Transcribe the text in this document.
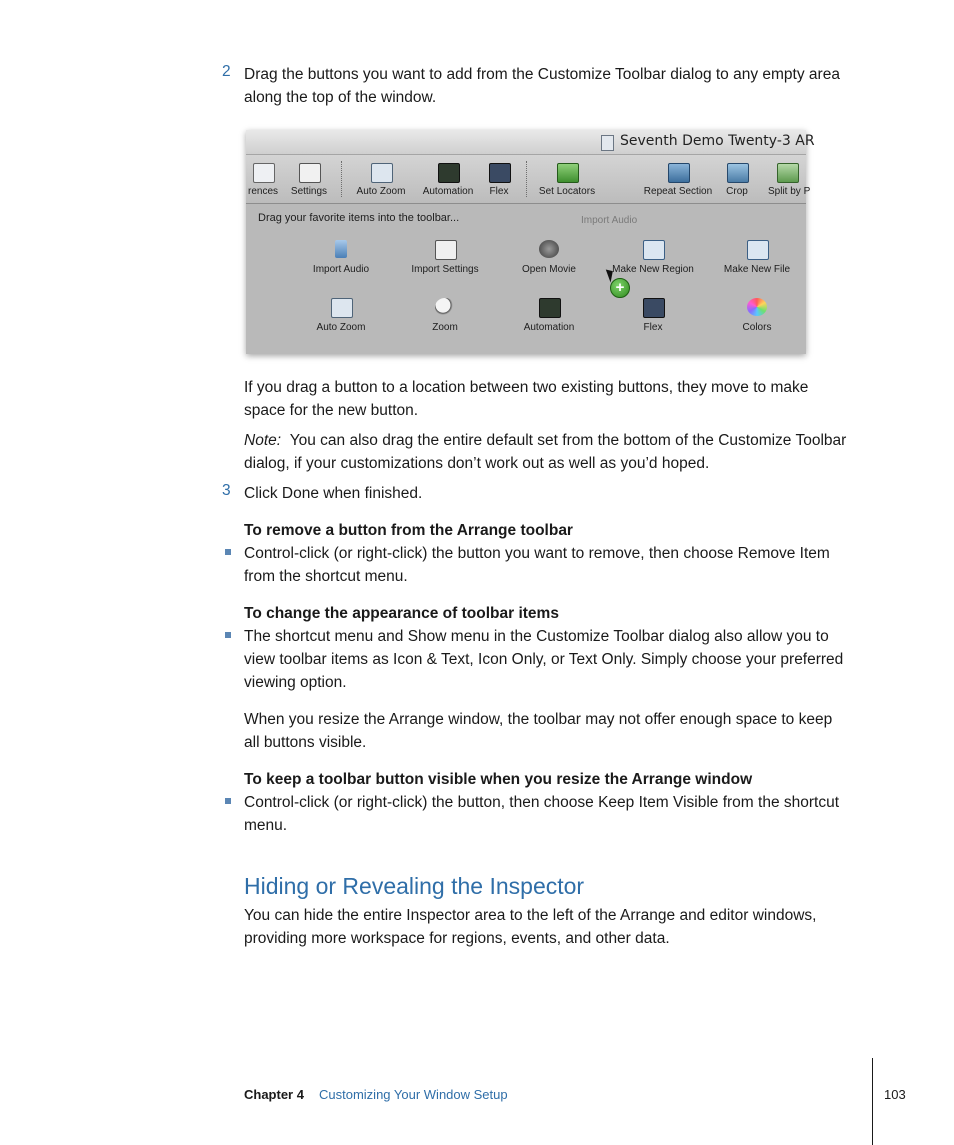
2 Drag the buttons you want to add from the Customize Toolbar dialog to any empty area
along the top of the window.
Seventh Demo Twenty-3 AR
rences	Settings	Auto Zoom	Automation	Flex	Set Locators	Repeat Section	Crop	Split by P
Drag your favorite items into the toolbar...	Import Audio
Import Audio	Import Settings	Open Movie	Make New Region	Make New File
Auto Zoom	Zoom	Automation	Flex	Colors
+
If you drag a button to a location between two existing buttons, they move to make
space for the new button.
Note: You can also drag the entire default set from the bottom of the Customize Toolbar
dialog, if your customizations don’t work out as well as you’d hoped.
3 Click Done when finished.
To remove a button from the Arrange toolbar
Control-click (or right-click) the button you want to remove, then choose Remove Item
from the shortcut menu.
To change the appearance of toolbar items
The shortcut menu and Show menu in the Customize Toolbar dialog also allow you to
view toolbar items as Icon & Text, Icon Only, or Text Only. Simply choose your preferred
viewing option.
When you resize the Arrange window, the toolbar may not offer enough space to keep
all buttons visible.
To keep a toolbar button visible when you resize the Arrange window
Control-click (or right-click) the button, then choose Keep Item Visible from the shortcut
menu.
Hiding or Revealing the Inspector
You can hide the entire Inspector area to the left of the Arrange and editor windows,
providing more workspace for regions, events, and other data.
Chapter 4 Customizing Your Window Setup	103
